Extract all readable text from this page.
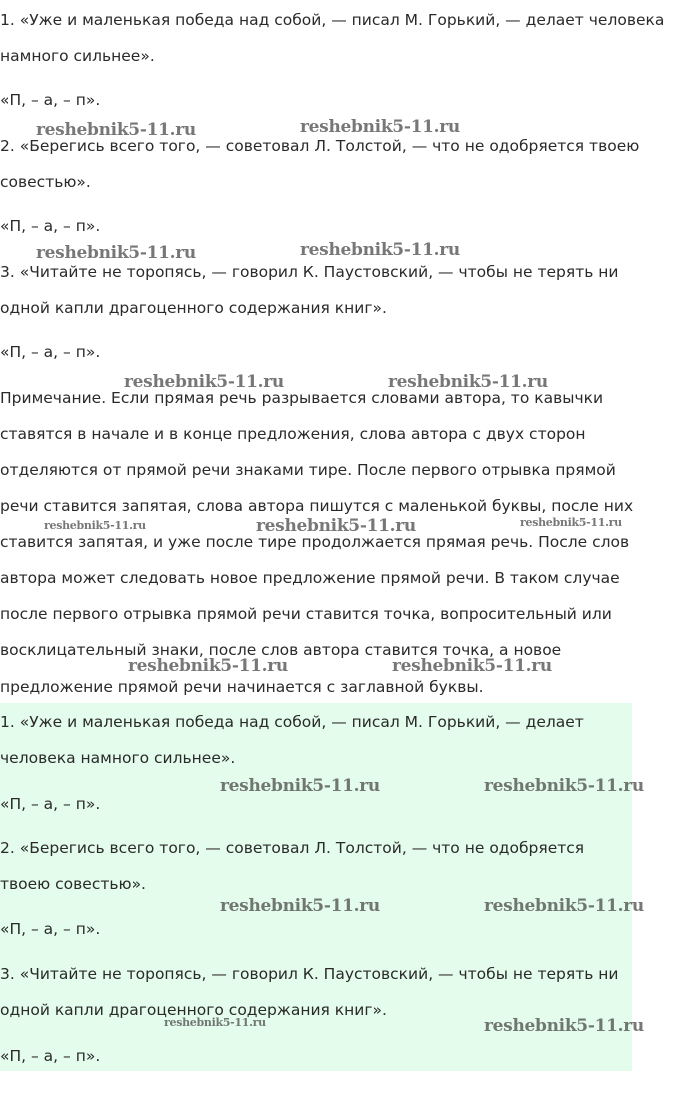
1. «Уже и маленькая победа над собой, — писал М. Горький, — делает человека
намного сильнее».
«П, – а, – п».
2. «Берегись всего того, — советовал Л. Толстой, — что не одобряется твоею
совестью».
«П, – а, – п».
3. «Читайте не торопясь, — говорил К. Паустовский, — чтобы не терять ни
одной капли драгоценного содержания книг».
«П, – а, – п».
Примечание. Если прямая речь разрывается словами автора, то кавычки
ставятся в начале и в конце предложения, слова автора с двух сторон
отделяются от прямой речи знаками тире. После первого отрывка прямой
речи ставится запятая, слова автора пишутся с маленькой буквы, после них
ставится запятая, и уже после тире продолжается прямая речь. После слов
автора может следовать новое предложение прямой речи. В таком случае
после первого отрывка прямой речи ставится точка, вопросительный или
восклицательный знаки, после слов автора ставится точка, а новое
предложение прямой речи начинается с заглавной буквы.
1. «Уже и маленькая победа над собой, — писал М. Горький, — делает
человека намного сильнее».
«П, – а, – п».
2. «Берегись всего того, — советовал Л. Толстой, — что не одобряется
твоею совестью».
«П, – а, – п».
3. «Читайте не торопясь, — говорил К. Паустовский, — чтобы не терять ни
одной капли драгоценного содержания книг».
«П, – а, – п».
reshebnik5-11.ru	reshebnik5-11.ru
reshebnik5-11.ru	reshebnik5-11.ru
reshebnik5-11.ru	reshebnik5-11.ru
reshebnik5-11.ru	reshebnik5-11.ru	reshebnik5-11.ru
reshebnik5-11.ru	reshebnik5-11.ru
reshebnik5-11.ru	reshebnik5-11.ru
reshebnik5-11.ru	reshebnik5-11.ru
reshebnik5-11.ru	reshebnik5-11.ru
